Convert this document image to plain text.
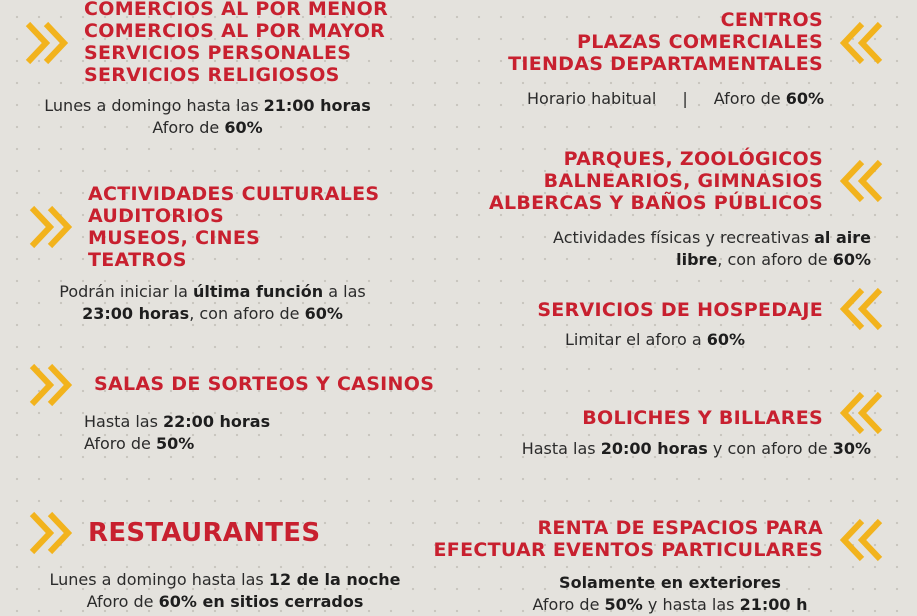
COMERCIOS AL POR MENOR
COMERCIOS AL POR MAYOR
SERVICIOS PERSONALES
SERVICIOS RELIGIOSOS
Lunes a domingo hasta las 21:00 horas
Aforo de 60%
ACTIVIDADES CULTURALES
AUDITORIOS
MUSEOS, CINES
TEATROS
Podrán iniciar la última función a las
23:00 horas, con aforo de 60%
SALAS DE SORTEOS Y CASINOS
Hasta las 22:00 horas
Aforo de 50%
RESTAURANTES
Lunes a domingo hasta las 12 de la noche
Aforo de 60% en sitios cerrados
CENTROS
PLAZAS COMERCIALES
TIENDAS DEPARTAMENTALES
Horario habitual | Aforo de 60%
PARQUES, ZOOLÓGICOS
BALNEARIOS, GIMNASIOS
ALBERCAS Y BAÑOS PÚBLICOS
Actividades físicas y recreativas al aire
libre, con aforo de 60%
SERVICIOS DE HOSPEDAJE
Limitar el aforo a 60%
BOLICHES Y BILLARES
Hasta las 20:00 horas y con aforo de 30%
RENTA DE ESPACIOS PARA
EFECTUAR EVENTOS PARTICULARES
Solamente en exteriores
Aforo de 50% y hasta las 21:00 h
